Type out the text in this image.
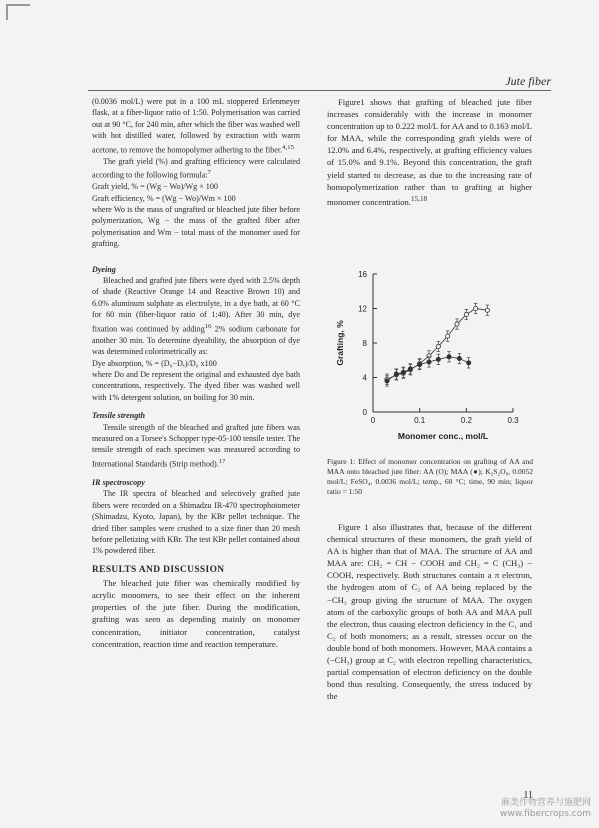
Jute fiber

(0.0036 mol/L) were put in a 100 mL stoppered Erlenmeyer flask, at a fiber-liquor ratio of 1:50. Polymerisation was carried out at 90 °C, for 240 min, after which the fiber was washed well with hot distilled water, followed by extraction with warm acetone, to remove the homopolymer adhering to the fiber.$^{4,15}$

The graft yield (%) and grafting efficiency were calculated according to the following formula:$^7$

Graft yield, % = (Wg − Wo)/Wg × 100

Graft efficiency, % = (Wg − Wo)/Wm × 100

where Wo is the mass of ungrafted or bleached jute fiber before polymerization, Wg − the mass of the grafted fiber after polymerisation and Wm − total mass of the monomer used for grafting.

Dyeing

Bleached and grafted jute fibers were dyed with 2.5% depth of shade (Reactive Orange 14 and Reactive Brown 10) and 6.0% aluminum sulphate as electrolyte, in a dye bath, at 60 °C for 60 min (fiber-liquor ratio of 1:40). After 30 min, dye fixation was continued by adding$^{16}$ 2% sodium carbonate for another 30 min. To determine dyeability, the absorption of dye was determined colorimetrically as:

Dye absorption, % = (D₀−Dₑ)/D₀ x100

where Do and De represent the original and exhausted dye bath concentrations, respectively. The dyed fiber was washed well with 1% detergent solution, on boiling for 30 min.

Tensile strength

Tensile strength of the bleached and grafted jute fibers was measured on a Torsee's Schopper type-05-100 tensile tester. The tensile strength of each specimen was measured according to International Standards (Strip method).$^{17}$

IR spectroscopy

The IR spectra of bleached and selectively grafted jute fibers were recorded on a Shimadzu IR-470 spectrophotometer (Shimadzu, Kyoto, Japan), by the KBr pellet technique. The dried fiber samples were crushed to a size finer than 20 mesh before pelletizing with KBr. The test KBr pellet contained about 1% powdered fiber.

RESULTS AND DISCUSSION

The bleached jute fiber was chemically modified by acrylic monomers, to see their effect on the inherent properties of the jute fiber. During the modification, grafting was seen as depending mainly on monomer concentration, initiator concentration, catalyst concentration, reaction time and reaction temperature.

Figure1 shows that grafting of bleached jute fiber increases considerably with the increase in monomer concentration up to 0.222 mol/L for AA and to 0.163 mol/L for MAA, while the corresponding graft yields were of 12.0% and 6.4%, respectively, at grafting efficiency values of 15.0% and 9.1%. Beyond this concentration, the graft yield started to decrease, as due to the increasing rate of homopolymerization rather than to grafting at higher monomer concentration.$^{15,18}$

0
4
8
12
16
0	0.1	0.2	0.3
Monomer conc., mol/L
Grafting, %
Figure 1: Effect of monomer concentration on grafting of AA and MAA onto bleached jute fiber: AA (O); MAA (●); K₂S₂O₈, 0.0052 mol/L; FeSO₄, 0.0036 mol/L; temp., 60 °C; time, 90 min; liquor ratio = 1:50

Figure 1 also illustrates that, because of the different chemical structures of these monomers, the graft yield of AA is higher than that of MAA. The structure of AA and MAA are: CH₂ = CH − COOH and CH₂ = C (CH₃) − COOH, respectively. Both structures contain a π electron, the hydrogen atom of C₂ of AA being replaced by the −CH₃ group giving the structure of MAA. The oxygen atom of the carboxylic groups of both AA and MAA pull the electron, thus causing electron deficiency in the C₁ and C₂ of both monomers; as a result, stresses occur on the double bond of both monomers. However, MAA contains a (−CH₃) group at C₂ with electron repelling characteristics, partial compensation of electron deficiency on the double bond thus resulting. Consequently, the stress induced by the

11
麻类作物营养与施肥网
www.fibercrops.com
